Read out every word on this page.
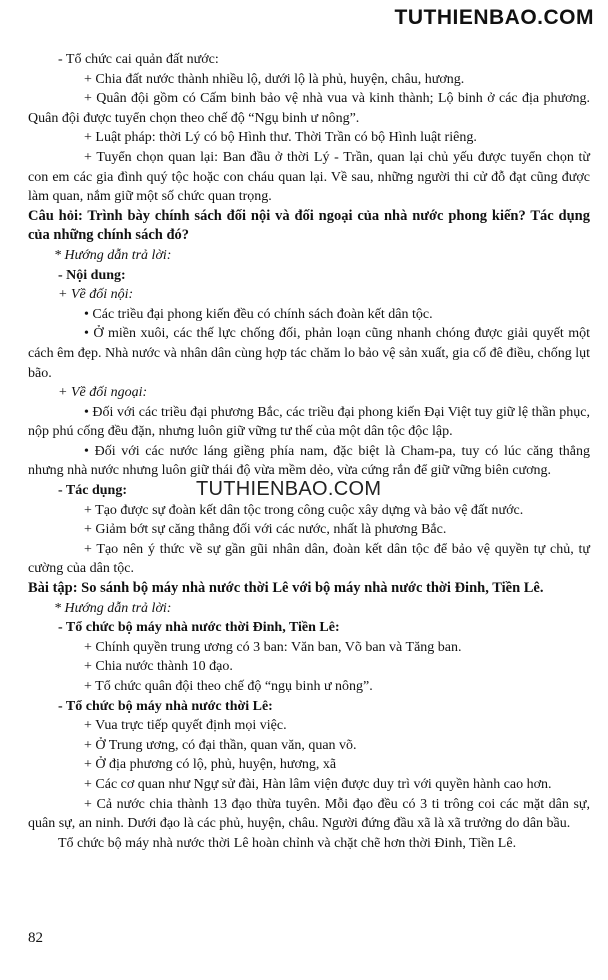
TUTHIENBAO.COM

- Tổ chức cai quản đất nước:

+ Chia đất nước thành nhiều lộ, dưới lộ là phủ, huyện, châu, hương.

+ Quân đội gồm có Cấm binh bảo vệ nhà vua và kinh thành; Lộ binh ở các địa phương. Quân đội được tuyển chọn theo chế độ “Ngụ binh ư nông”.

+ Luật pháp: thời Lý có bộ Hình thư. Thời Trần có bộ Hình luật riêng.

+ Tuyển chọn quan lại: Ban đầu ở thời Lý - Trần, quan lại chủ yếu được tuyển chọn từ con em các gia đình quý tộc hoặc con cháu quan lại. Về sau, những người thi cử đỗ đạt cũng được làm quan, nắm giữ một số chức quan trọng.

Câu hỏi: Trình bày chính sách đối nội và đối ngoại của nhà nước phong kiến? Tác dụng của những chính sách đó?

* Hướng dẫn trả lời:

- Nội dung:

+ Về đối nội:

• Các triều đại phong kiến đều có chính sách đoàn kết dân tộc.

• Ở miền xuôi, các thế lực chống đối, phản loạn cũng nhanh chóng được giải quyết một cách êm đẹp. Nhà nước và nhân dân cùng hợp tác chăm lo bảo vệ sản xuất, gia cố đê điều, chống lụt bão.

+ Về đối ngoại:

• Đối với các triều đại phương Bắc, các triều đại phong kiến Đại Việt tuy giữ lệ thần phục, nộp phú cống đều đặn, nhưng luôn giữ vững tư thế của một dân tộc độc lập.

• Đối với các nước láng giềng phía nam, đặc biệt là Cham-pa, tuy có lúc căng thẳng nhưng nhà nước nhưng luôn giữ thái độ vừa mềm dẻo, vừa cứng rắn để giữ vững biên cương.

- Tác dụng:

+ Tạo được sự đoàn kết dân tộc trong công cuộc xây dựng và bảo vệ đất nước.

+ Giảm bớt sự căng thẳng đối với các nước, nhất là phương Bắc.

+ Tạo nên ý thức về sự gần gũi nhân dân, đoàn kết dân tộc để bảo vệ quyền tự chủ, tự cường của dân tộc.

Bài tập: So sánh bộ máy nhà nước thời Lê với bộ máy nhà nước thời Đinh, Tiền Lê.

* Hướng dẫn trả lời:

- Tổ chức bộ máy nhà nước thời Đinh, Tiền Lê:

+ Chính quyền trung ương có 3 ban: Văn ban, Võ ban và Tăng ban.

+ Chia nước thành 10 đạo.

+ Tổ chức quân đội theo chế độ “ngụ binh ư nông”.

- Tổ chức bộ máy nhà nước thời Lê:

+ Vua trực tiếp quyết định mọi việc.

+ Ở Trung ương, có đại thần, quan văn, quan võ.

+ Ở địa phương có lộ, phủ, huyện, hương, xã

+ Các cơ quan như Ngự sử đài, Hàn lâm viện được duy trì với quyền hành cao hơn.

+ Cả nước chia thành 13 đạo thừa tuyên. Mỗi đạo đều có 3 ti trông coi các mặt dân sự, quân sự, an ninh. Dưới đạo là các phủ, huyện, châu. Người đứng đầu xã là xã trưởng do dân bầu.

Tổ chức bộ máy nhà nước thời Lê hoàn chỉnh và chặt chẽ hơn thời Đinh, Tiền Lê.

TUTHIENBAO.COM
82
